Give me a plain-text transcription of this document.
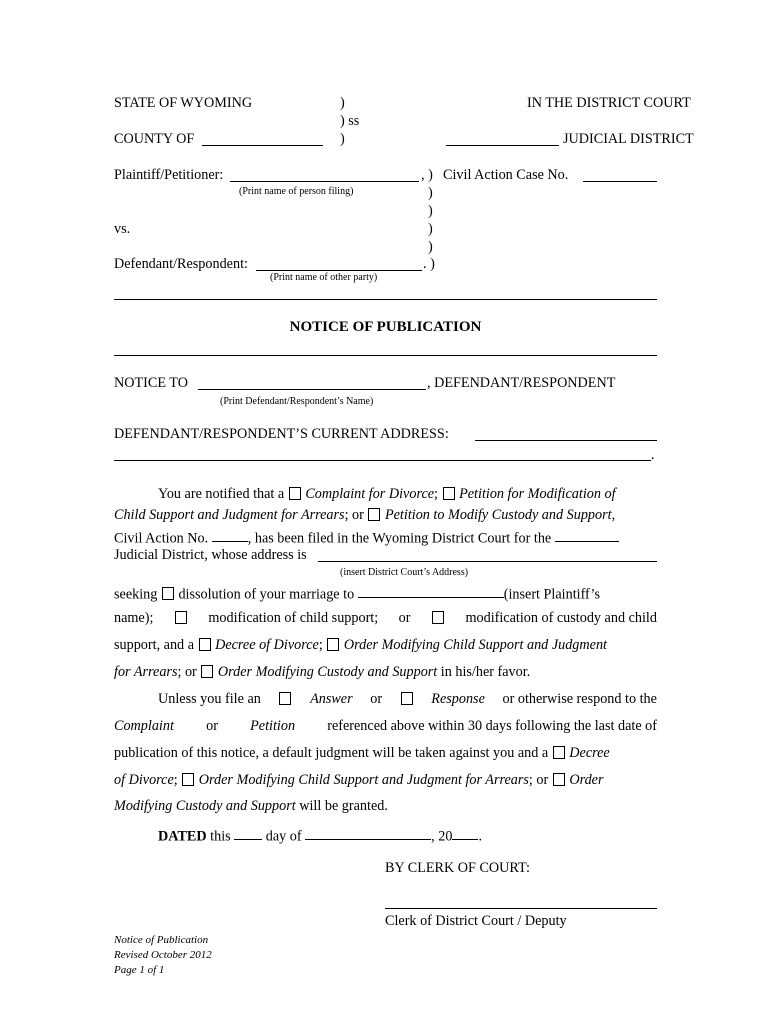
STATE OF WYOMING	)	IN THE DISTRICT COURT
) ss
COUNTY OF	)	JUDICIAL DISTRICT
Plaintiff/Petitioner:	, ) Civil Action Case No.
(Print name of person filing)	)
)
vs.	)
)
Defendant/Respondent:	. )
(Print name of other party)
NOTICE OF PUBLICATION
NOTICE TO	, DEFENDANT/RESPONDENT
(Print Defendant/Respondent’s Name)
DEFENDANT/RESPONDENT’S CURRENT ADDRESS:
.
You are notified that a Complaint for Divorce; Petition for Modification of
Child Support and Judgment for Arrears; or Petition to Modify Custody and Support,
Civil Action No.	, has been filed in the Wyoming District Court for the
Judicial District, whose address is
(insert District Court’s Address)
seeking dissolution of your marriage to	(insert Plaintiff’s
name);	modification of child support; or	modification of custody and child
support, and a Decree of Divorce; Order Modifying Child Support and Judgment
for Arrears; or Order Modifying Custody and Support in his/her favor.
Unless you file an	Answer or	Response or otherwise respond to the
Complaint or Petition referenced above within 30 days following the last date of
publication of this notice, a default judgment will be taken against you and a Decree
of Divorce; Order Modifying Child Support and Judgment for Arrears; or Order
Modifying Custody and Support will be granted.
DATED this day of	, 20 .
BY CLERK OF COURT:
Clerk of District Court / Deputy
Notice of Publication
Revised October 2012
Page 1 of 1
